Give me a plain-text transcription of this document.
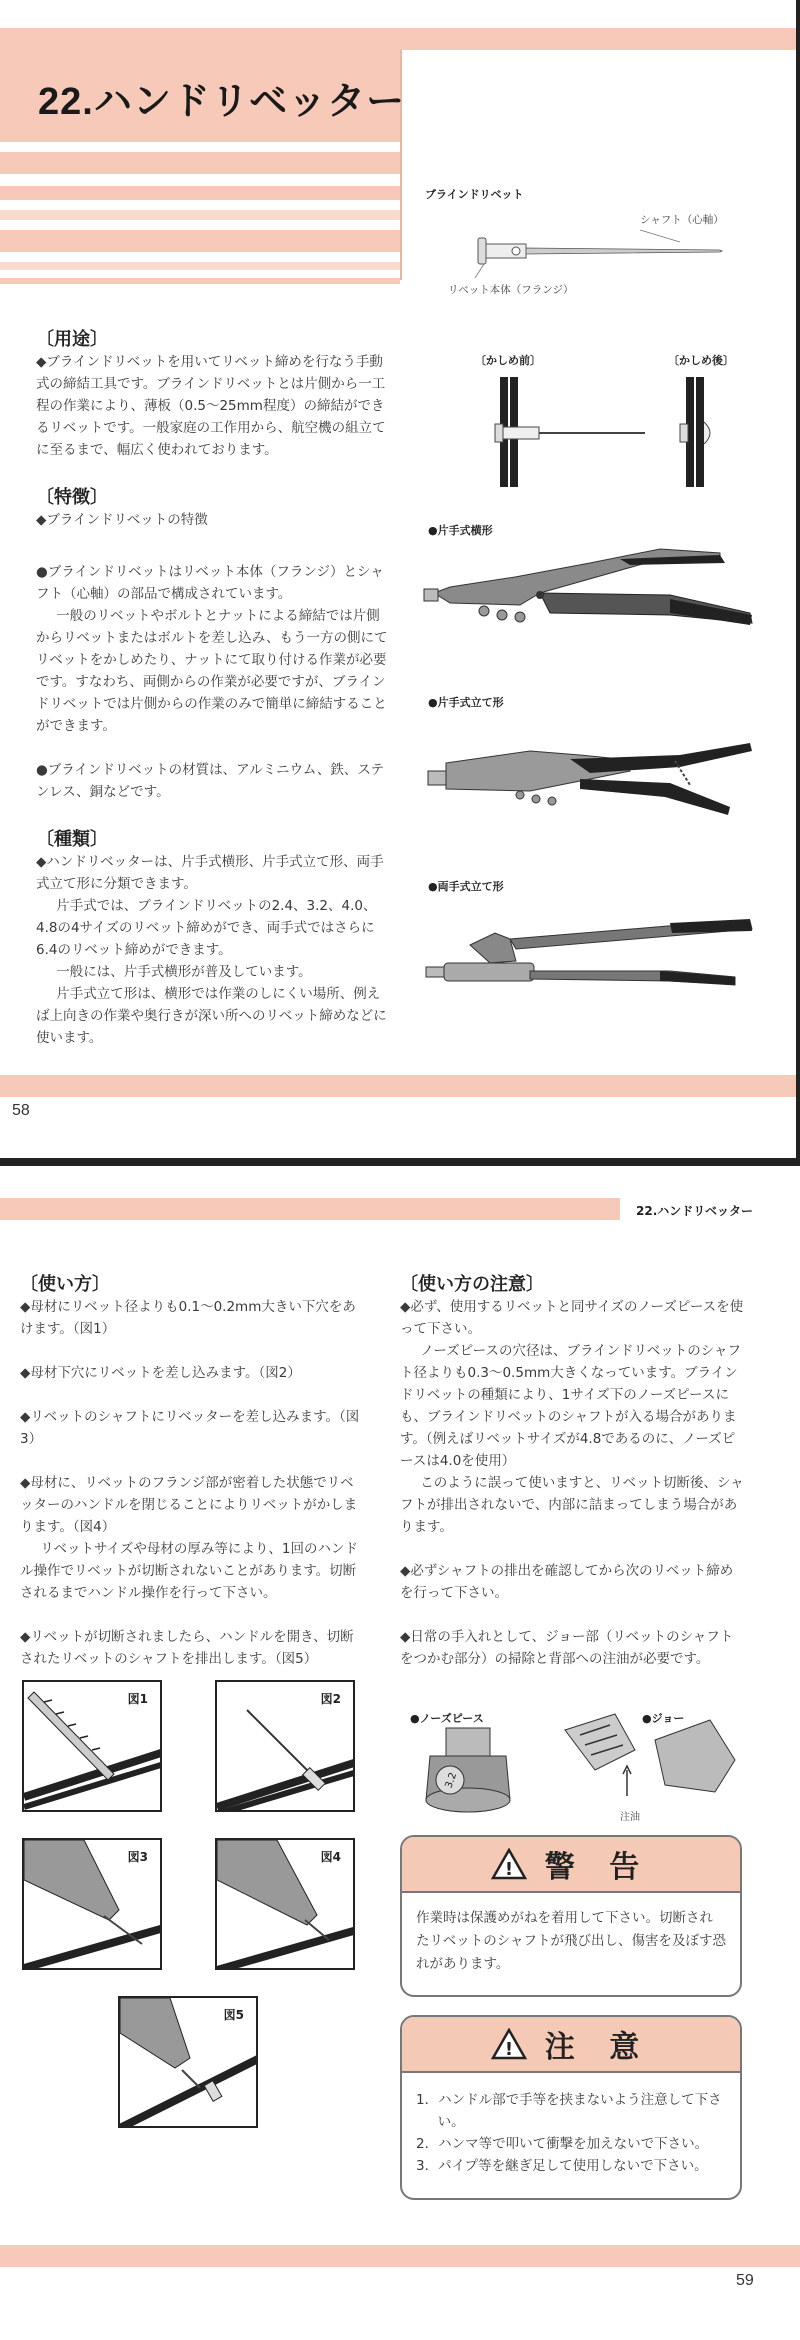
22.ハンドリベッター
ブラインドリベット
シャフト（心軸）
リベット本体（フランジ）
〔かしめ前〕	〔かしめ後〕
●片手式横形
●片手式立て形
●両手式立て形
〔用途〕
◆ブラインドリベットを用いてリベット締めを行なう手動式の締結工具です。ブラインドリベットとは片側から一工程の作業により、薄板（0.5〜25mm程度）の締結ができるリベットです。一般家庭の工作用から、航空機の組立てに至るまで、幅広く使われております。
〔特徴〕
◆ブラインドリベットの特徴
●ブラインドリベットはリベット本体（フランジ）とシャフト（心軸）の部品で構成されています。
一般のリベットやボルトとナットによる締結では片側からリベットまたはボルトを差し込み、もう一方の側にてリベットをかしめたり、ナットにて取り付ける作業が必要です。すなわち、両側からの作業が必要ですが、ブラインドリベットでは片側からの作業のみで簡単に締結することができます。
●ブラインドリベットの材質は、アルミニウム、鉄、ステンレス、銅などです。
〔種類〕
◆ハンドリベッターは、片手式横形、片手式立て形、両手式立て形に分類できます。
片手式では、ブラインドリベットの2.4、3.2、4.0、4.8の4サイズのリベット締めができ、両手式ではさらに6.4のリベット締めができます。
一般には、片手式横形が普及しています。
片手式立て形は、横形では作業のしにくい場所、例えば上向きの作業や奥行きが深い所へのリベット締めなどに使います。
58
22.ハンドリベッター
〔使い方〕
◆母材にリベット径よりも0.1〜0.2mm大きい下穴をあけます。（図1）
◆母材下穴にリベットを差し込みます。（図2）
◆リベットのシャフトにリベッターを差し込みます。（図3）
◆母材に、リベットのフランジ部が密着した状態でリベッターのハンドルを閉じることによりリベットがかしまります。（図4）
リベットサイズや母材の厚み等により、1回のハンドル操作でリベットが切断されないことがあります。切断されるまでハンドル操作を行って下さい。
◆リベットが切断されましたら、ハンドルを開き、切断されたリベットのシャフトを排出します。（図5）
図1	図2
図3	図4
図5
〔使い方の注意〕
◆必ず、使用するリベットと同サイズのノーズピースを使って下さい。
ノーズピースの穴径は、ブラインドリベットのシャフト径よりも0.3〜0.5mm大きくなっています。ブラインドリベットの種類により、1サイズ下のノーズピースにも、ブラインドリベットのシャフトが入る場合があります。（例えばリベットサイズが4.8であるのに、ノーズピースは4.0を使用）
このように誤って使いますと、リベット切断後、シャフトが排出されないで、内部に詰まってしまう場合があります。
◆必ずシャフトの排出を確認してから次のリベット締めを行って下さい。
◆日常の手入れとして、ジョー部（リベットのシャフトをつかむ部分）の掃除と背部への注油が必要です。
●ノーズピース	●ジョー
3.2
注油
! 警 告
作業時は保護めがねを着用して下さい。切断されたリベットのシャフトが飛び出し、傷害を及ぼす恐れがあります。
! 注 意
1．ハンドル部で手等を挟まないよう注意して下さい。
2．ハンマ等で叩いて衝撃を加えないで下さい。
3．パイプ等を継ぎ足して使用しないで下さい。
59
